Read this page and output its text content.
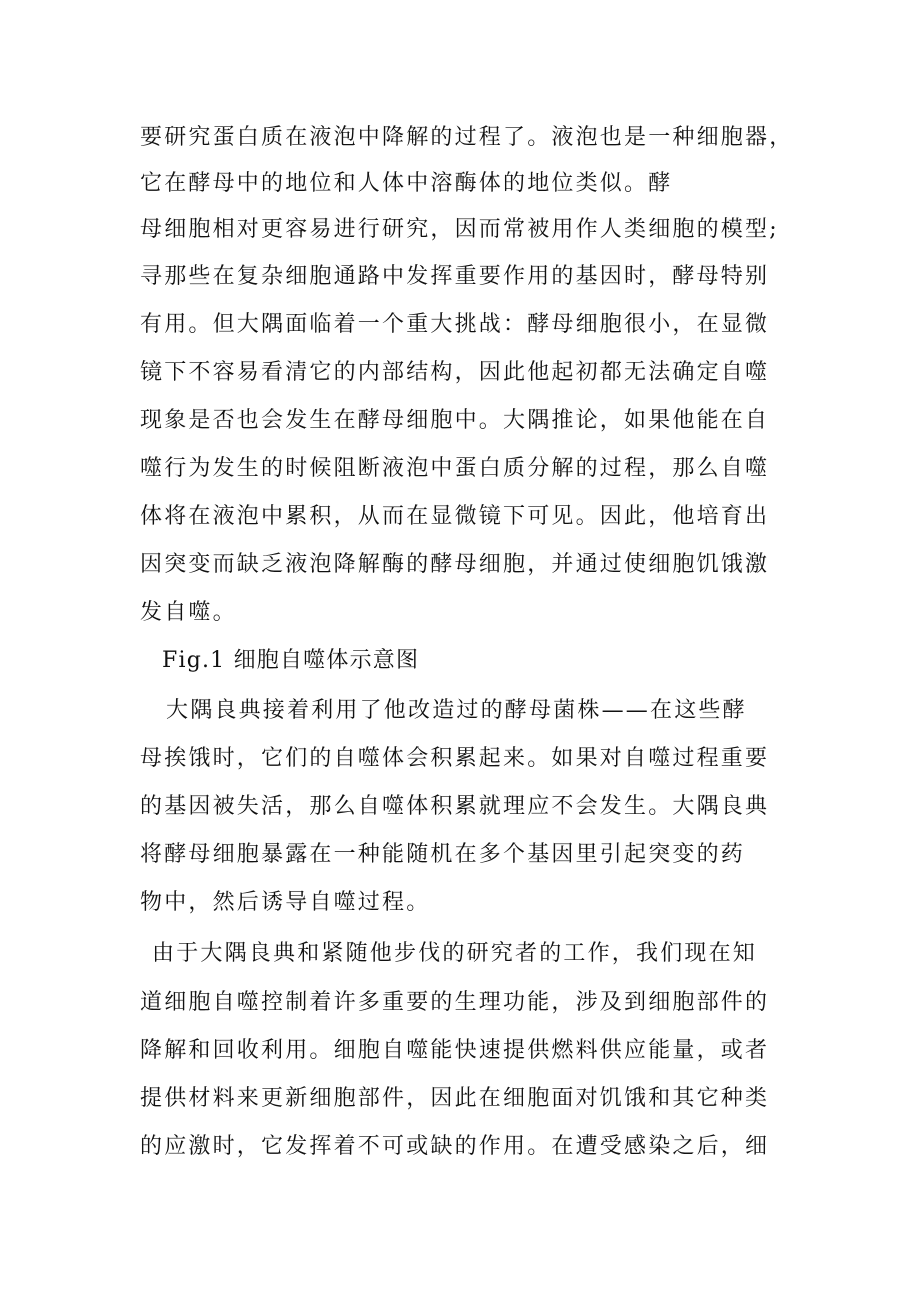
要研究蛋白质在液泡中降解的过程了。液泡也是一种细胞器，
它在酵母中的地位和人体中溶酶体的地位类似。酵
母细胞相对更容易进行研究，因而常被用作人类细胞的模型;
寻那些在复杂细胞通路中发挥重要作用的基因时，酵母特别
有用。但大隅面临着一个重大挑战：酵母细胞很小，在显微
镜下不容易看清它的内部结构，因此他起初都无法确定自噬
现象是否也会发生在酵母细胞中。大隅推论，如果他能在自
噬行为发生的时候阻断液泡中蛋白质分解的过程，那么自噬
体将在液泡中累积，从而在显微镜下可见。因此，他培育出
因突变而缺乏液泡降解酶的酵母细胞，并通过使细胞饥饿激
发自噬。
Fig.1 细胞自噬体示意图
大隅良典接着利用了他改造过的酵母菌株——在这些酵
母挨饿时，它们的自噬体会积累起来。如果对自噬过程重要
的基因被失活，那么自噬体积累就理应不会发生。大隅良典
将酵母细胞暴露在一种能随机在多个基因里引起突变的药
物中，然后诱导自噬过程。
由于大隅良典和紧随他步伐的研究者的工作，我们现在知
道细胞自噬控制着许多重要的生理功能，涉及到细胞部件的
降解和回收利用。细胞自噬能快速提供燃料供应能量，或者
提供材料来更新细胞部件，因此在细胞面对饥饿和其它种类
的应激时，它发挥着不可或缺的作用。在遭受感染之后，细
